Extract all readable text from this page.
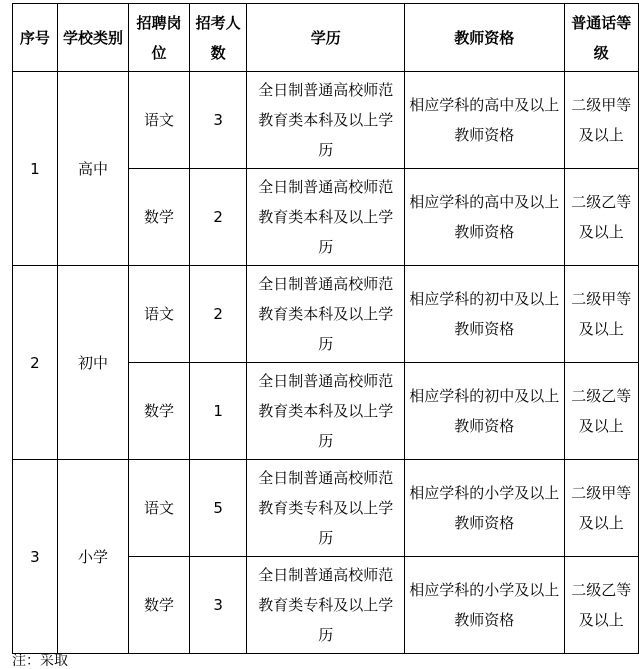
序号	学校类别	招聘岗位	招考人数	学历	教师资格	普通话等级
1	高中	语文	3	全日制普通高校师范教育类本科及以上学历	相应学科的高中及以上教师资格	二级甲等及以上
		数学	2	全日制普通高校师范教育类本科及以上学历	相应学科的高中及以上教师资格	二级乙等及以上
2	初中	语文	2	全日制普通高校师范教育类本科及以上学历	相应学科的初中及以上教师资格	二级甲等及以上
		数学	1	全日制普通高校师范教育类本科及以上学历	相应学科的初中及以上教师资格	二级乙等及以上
3	小学	语文	5	全日制普通高校师范教育类专科及以上学历	相应学科的小学及以上教师资格	二级甲等及以上
		数学	3	全日制普通高校师范教育类专科及以上学历	相应学科的小学及以上教师资格	二级乙等及以上
注：采取
